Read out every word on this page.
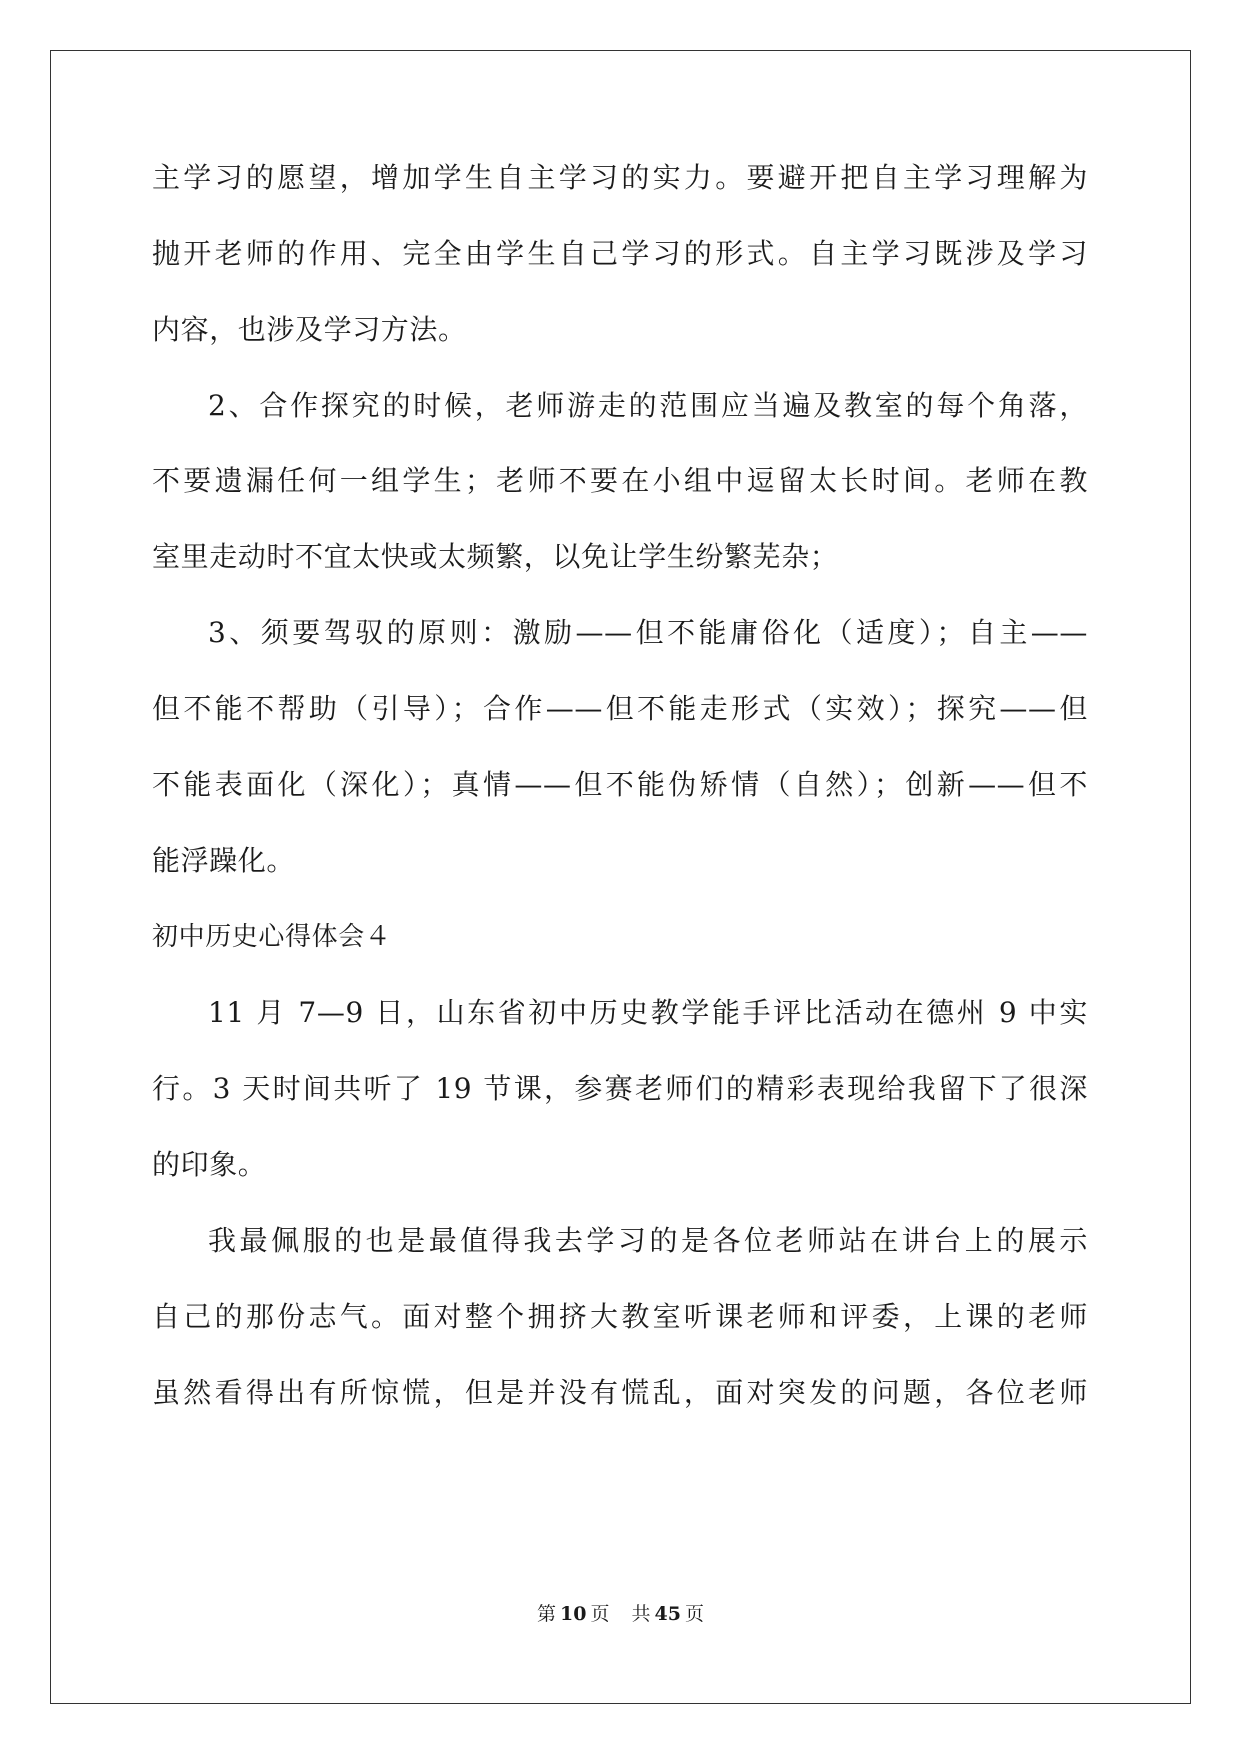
主学习的愿望，增加学生自主学习的实力。要避开把自主学习理解为
抛开老师的作用、完全由学生自己学习的形式。自主学习既涉及学习
内容，也涉及学习方法。
2、合作探究的时候，老师游走的范围应当遍及教室的每个角落，
不要遗漏任何一组学生；老师不要在小组中逗留太长时间。老师在教
室里走动时不宜太快或太频繁，以免让学生纷繁芜杂；
3、须要驾驭的原则：激励——但不能庸俗化（适度）；自主——
但不能不帮助（引导）；合作——但不能走形式（实效）；探究——但
不能表面化（深化）；真情——但不能伪矫情（自然）；创新——但不
能浮躁化。
初中历史心得体会４
11 月 7—9 日，山东省初中历史教学能手评比活动在德州 9 中实
行。3 天时间共听了 19 节课，参赛老师们的精彩表现给我留下了很深
的印象。
我最佩服的也是最值得我去学习的是各位老师站在讲台上的展示
自己的那份志气。面对整个拥挤大教室听课老师和评委，上课的老师
虽然看得出有所惊慌，但是并没有慌乱，面对突发的问题，各位老师
第 10 页 共 45 页
